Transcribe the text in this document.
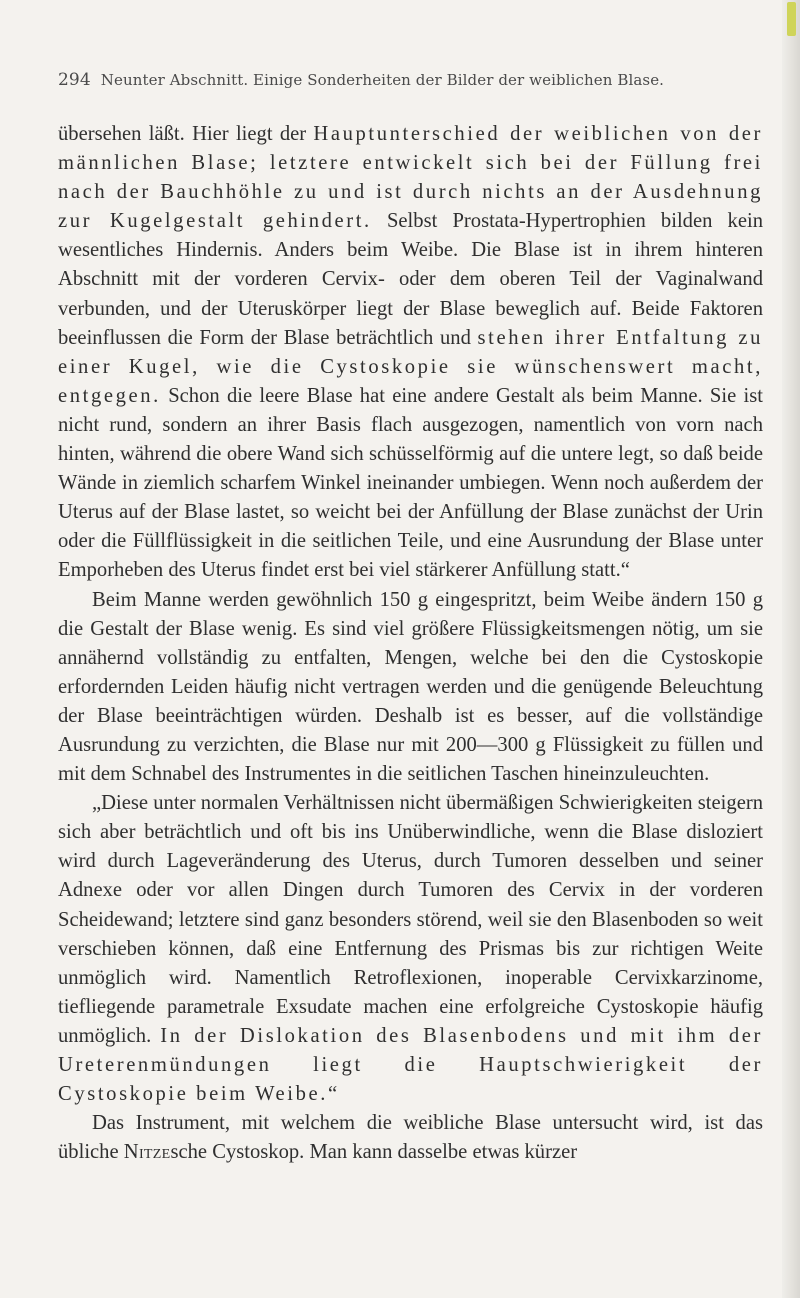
294 Neunter Abschnitt. Einige Sonderheiten der Bilder der weiblichen Blase.

übersehen läßt. Hier liegt der Hauptunterschied der weiblichen von der männlichen Blase; letztere entwickelt sich bei der Füllung frei nach der Bauchhöhle zu und ist durch nichts an der Ausdehnung zur Kugelgestalt gehindert. Selbst Prostata-Hypertrophien bilden kein wesentliches Hindernis. Anders beim Weibe. Die Blase ist in ihrem hinteren Abschnitt mit der vorderen Cervix- oder dem oberen Teil der Vaginalwand verbunden, und der Uteruskörper liegt der Blase beweglich auf. Beide Faktoren beeinflussen die Form der Blase beträchtlich und stehen ihrer Entfaltung zu einer Kugel, wie die Cystoskopie sie wünschenswert macht, entgegen. Schon die leere Blase hat eine andere Gestalt als beim Manne. Sie ist nicht rund, sondern an ihrer Basis flach ausgezogen, namentlich von vorn nach hinten, während die obere Wand sich schüsselförmig auf die untere legt, so daß beide Wände in ziemlich scharfem Winkel ineinander umbiegen. Wenn noch außerdem der Uterus auf der Blase lastet, so weicht bei der Anfüllung der Blase zunächst der Urin oder die Füllflüssigkeit in die seitlichen Teile, und eine Ausrundung der Blase unter Emporheben des Uterus findet erst bei viel stärkerer Anfüllung statt.“

Beim Manne werden gewöhnlich 150 g eingespritzt, beim Weibe ändern 150 g die Gestalt der Blase wenig. Es sind viel größere Flüssigkeitsmengen nötig, um sie annähernd vollständig zu entfalten, Mengen, welche bei den die Cystoskopie erfordernden Leiden häufig nicht vertragen werden und die genügende Beleuchtung der Blase beeinträchtigen würden. Deshalb ist es besser, auf die vollständige Ausrundung zu verzichten, die Blase nur mit 200—300 g Flüssigkeit zu füllen und mit dem Schnabel des Instrumentes in die seitlichen Taschen hineinzuleuchten.

„Diese unter normalen Verhältnissen nicht übermäßigen Schwierigkeiten steigern sich aber beträchtlich und oft bis ins Unüberwindliche, wenn die Blase disloziert wird durch Lageveränderung des Uterus, durch Tumoren desselben und seiner Adnexe oder vor allen Dingen durch Tumoren des Cervix in der vorderen Scheidewand; letztere sind ganz besonders störend, weil sie den Blasenboden so weit verschieben können, daß eine Entfernung des Prismas bis zur richtigen Weite unmöglich wird. Namentlich Retroflexionen, inoperable Cervixkarzinome, tiefliegende parametrale Exsudate machen eine erfolgreiche Cystoskopie häufig unmöglich. In der Dislokation des Blasenbodens und mit ihm der Ureterenmündungen liegt die Hauptschwierigkeit der Cystoskopie beim Weibe.“

Das Instrument, mit welchem die weibliche Blase untersucht wird, ist das übliche Nitzesche Cystoskop. Man kann dasselbe etwas kürzer
